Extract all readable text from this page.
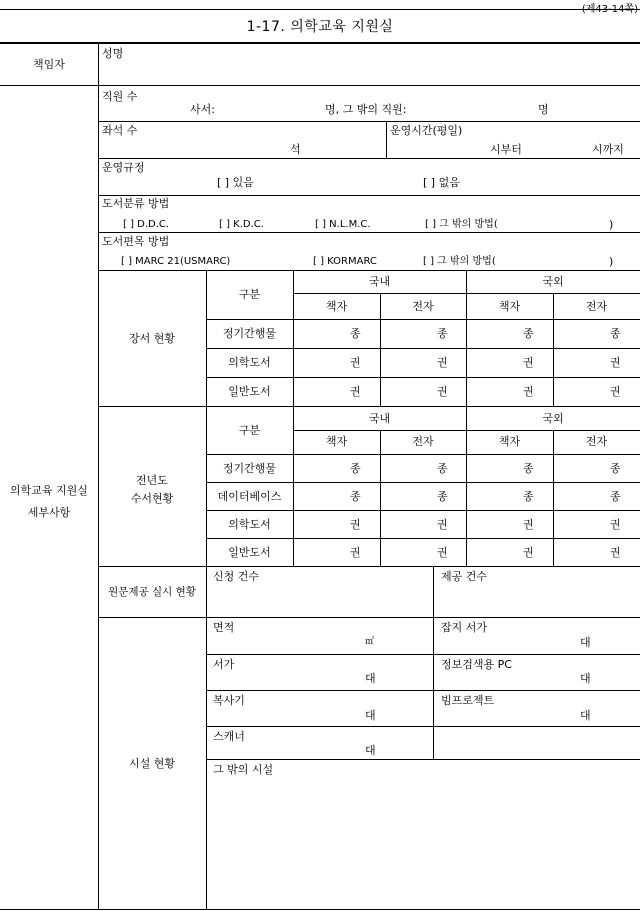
1-17. 의학교육 지원실
책임자
성명
의학교육 지원실
세부사항
직원 수
사서:	명, 그 밖의 직원:	명
좌석 수
석
운영시간(평일)
시부터	시까지
운영규정
[ ] 있음	[ ] 없음
도서분류 방법
[ ] D.D.C.	[ ] K.D.C.	[ ] N.L.M.C.	[ ] 그 밖의 방법(	)
도서편목 방법
[ ] MARC 21(USMARC)	[ ] KORMARC	[ ] 그 밖의 방법(	)
장서 현황
구분
국내	국외
책자	전자	책자	전자
정기간행물	종	종	종	종
의학도서	권	권	권	권
일반도서	권	권	권	권
전년도
수서현황
구분
국내	국외
책자	전자	책자	전자
정기간행물	종	종	종	종
데이터베이스	종	종	종	종
의학도서	권	권	권	권
일반도서	권	권	권	권
원문제공 실시 현황
신청 건수	제공 건수
시설 현황
면적
㎡
잡지 서가
대
서가
대
정보검색용 PC
대
복사기
대
빔프로젝트
대
스캐너
대
그 밖의 시설
